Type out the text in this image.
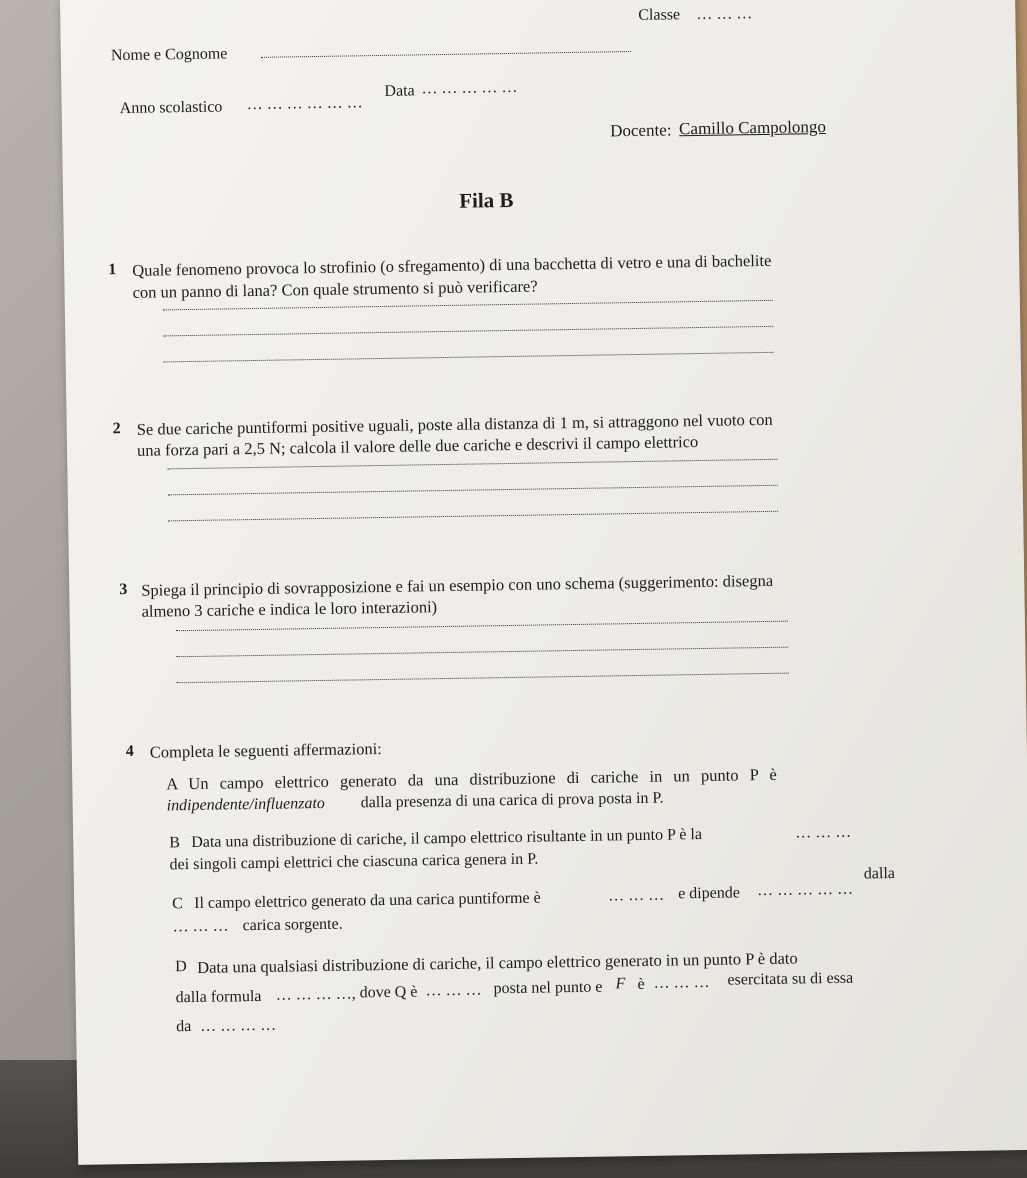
Nome e Cognome
Classe … … …
Anno scolastico … … … … … …
Data … … … … …
Docente: Camillo Campolongo
Fila B
1 Quale fenomeno provoca lo strofinio (o sfregamento) di una bacchetta di vetro e una di bachelite
con un panno di lana? Con quale strumento si può verificare?
2 Se due cariche puntiformi positive uguali, poste alla distanza di 1 m, si attraggono nel vuoto con
una forza pari a 2,5 N; calcola il valore delle due cariche e descrivi il campo elettrico
3 Spiega il principio di sovrapposizione e fai un esempio con uno schema (suggerimento: disegna
almeno 3 cariche e indica le loro interazioni)
4 Completa le seguenti affermazioni:
A Un campo elettrico generato da una distribuzione di cariche in un punto P è
indipendente/influenzato dalla presenza di una carica di prova posta in P.
B Data una distribuzione di cariche, il campo elettrico risultante in un punto P è la	… … …
dei singoli campi elettrici che ciascuna carica genera in P.
dalla
C Il campo elettrico generato da una carica puntiforme è	… … … e dipende … … … … …
… … … carica sorgente.
D Data una qualsiasi distribuzione di cariche, il campo elettrico generato in un punto P è dato
dalla formula … … … …, dove Q è … … … posta nel punto e F⃗ è … … … esercitata su di essa
da … … … …
